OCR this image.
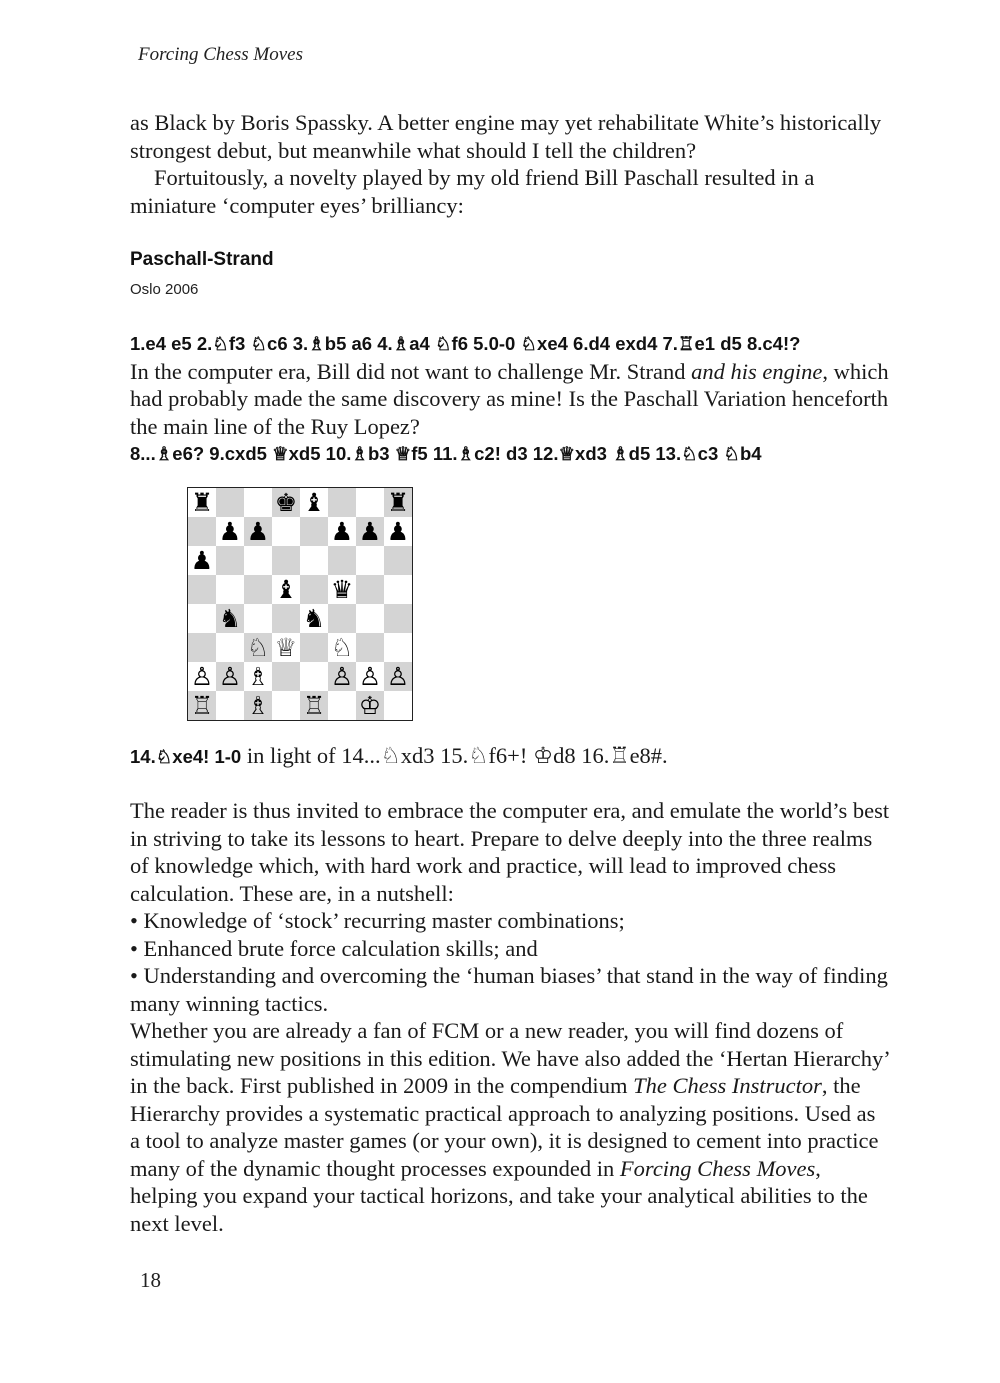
Forcing Chess Moves

as Black by Boris Spassky. A better engine may yet rehabilitate White’s historically strongest debut, but meanwhile what should I tell the children?

Fortuitously, a novelty played by my old friend Bill Paschall resulted in a miniature ‘computer eyes’ brilliancy:

Paschall-Strand
Oslo 2006
1.e4 e5 2.♘f3 ♘c6 3.♗b5 a6 4.♗a4 ♘f6 5.0-0 ♘xe4 6.d4 exd4 7.♖e1 d5 8.c4!?

In the computer era, Bill did not want to challenge Mr. Strand and his engine, which had probably made the same discovery as mine! Is the Paschall Variation henceforth the main line of the Ruy Lopez?

8...♗e6? 9.cxd5 ♕xd5 10.♗b3 ♕f5 11.♗c2! d3 12.♕xd3 ♗d5 13.♘c3 ♘b4
♜ ♚ ♝ ♜
♟ ♟ ♟ ♟ ♟
♟
♝ ♛
♞ ♞
♘ ♕ ♘
♙ ♙ ♗ ♙ ♙ ♙
♖ ♗ ♖ ♔

14.♘xe4! 1-0 in light of 14...♘xd3 15.♘f6+! ♔d8 16.♖e8#.

The reader is thus invited to embrace the computer era, and emulate the world’s best in striving to take its lessons to heart. Prepare to delve deeply into the three realms of knowledge which, with hard work and practice, will lead to improved chess calculation. These are, in a nutshell:

• Knowledge of ‘stock’ recurring master combinations;

• Enhanced brute force calculation skills; and

• Understanding and overcoming the ‘human biases’ that stand in the way of finding many winning tactics.

Whether you are already a fan of FCM or a new reader, you will find dozens of stimulating new positions in this edition. We have also added the ‘Hertan Hierarchy’ in the back. First published in 2009 in the compendium The Chess Instructor, the Hierarchy provides a systematic practical approach to analyzing positions. Used as a tool to analyze master games (or your own), it is designed to cement into practice many of the dynamic thought processes expounded in Forcing Chess Moves, helping you expand your tactical horizons, and take your analytical abilities to the next level.

18
